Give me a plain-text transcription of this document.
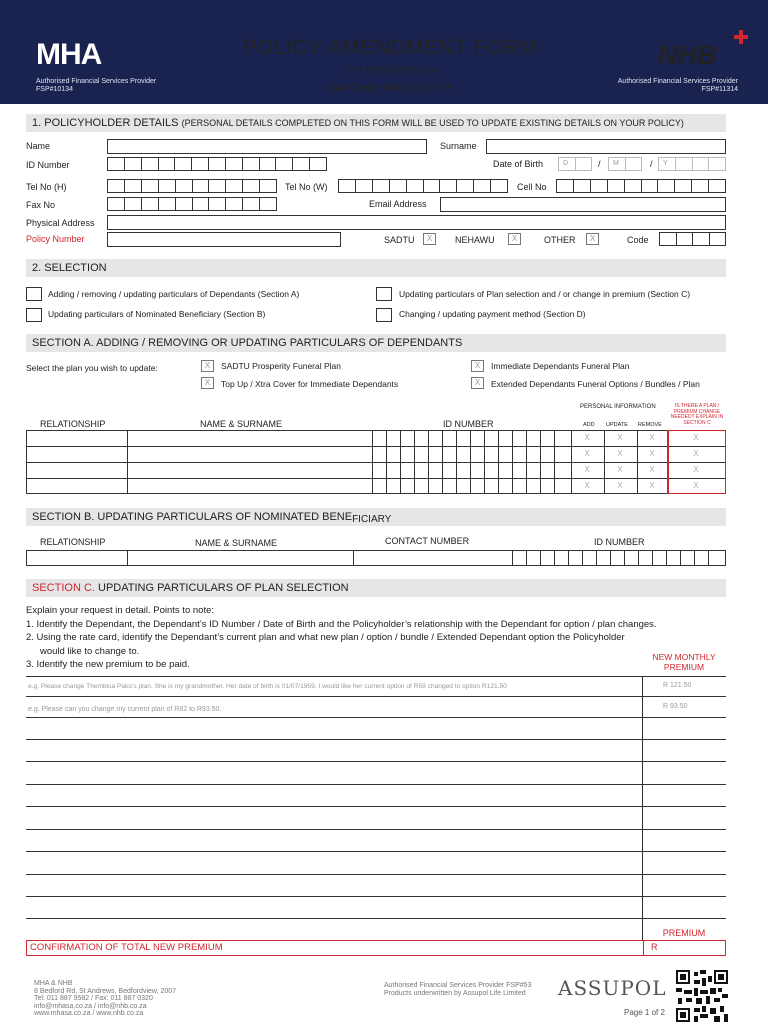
MHA
Authorised Financial Services Provider
FSP#10134
POLICY AMENDMENT FORM
One form per policy
Call Centre 0861 001 788
NHB
Authorised Financial Services Provider
FSP#11314
1. POLICYHOLDER DETAILS (PERSONAL DETAILS COMPLETED ON THIS FORM WILL BE USED TO UPDATE EXISTING DETAILS ON YOUR POLICY)
Name	Surname
ID Number	Date of Birth	D	/ M	/ Y
Tel No (H)	Tel No (W)	Cell No
Fax No	Email Address
Physical Address
Policy Number	SADTU	X	NEHAWU	X	OTHER	X	Code
2. SELECTION
Adding / removing / updating particulars of Dependants (Section A)
Updating particulars of Nominated Beneficiary (Section B)
Updating particulars of Plan selection and / or change in premium (Section C)
Changing / updating payment method (Section D)
SECTION A. ADDING / REMOVING OR UPDATING PARTICULARS OF DEPENDANTS
Select the plan you wish to update:	X	SADTU Prosperity Funeral Plan
X	Top Up / Xtra Cover for Immediate Dependants
X	Immediate Dependants Funeral Plan
X	Extended Dependants Funeral Options / Bundles / Plan
RELATIONSHIP	NAME & SURNAME	ID NUMBER
PERSONAL INFORMATION
ADD UPDATE REMOVE
IS THERE A PLAN / PREMIUM CHANGE NEEDED? EXPLAIN IN SECTION C
X	X	X	X
X	X	X	X
X	X	X	X
X	X	X	X
SECTION B. UPDATING PARTICULARS OF NOMINATED BENEFICIARY
RELATIONSHIP	NAME & SURNAME	CONTACT NUMBER	ID NUMBER
SECTION C. UPDATING PARTICULARS OF PLAN SELECTION
Explain your request in detail. Points to note:
1. Identify the Dependant, the Dependant’s ID Number / Date of Birth and the Policyholder’s relationship with the Dependant for option / plan changes.
2. Using the rate card, identify the Dependant’s current plan and what new plan / option / bundle / Extended Dependant option the Policyholder
would like to change to.
3. Identify the new premium to be paid.
NEW MONTHLY
PREMIUM
e.g. Please change Thembisa Pako’s plan. She is my grandmother. Her date of birth is 01/07/1959. I would like her current option of R59 changed to option R121.50	R 121.50
e.g. Please can you change my current plan of R82 to R93.50.	R 93.50
PREMIUM
CONFIRMATION OF TOTAL NEW PREMIUM	R
MHA & NHB
8 Bedford Rd, St Andrews, Bedfordview, 2007
Tel: 011 887 9582 / Fax: 011 887 0320
info@mhasa.co.za / info@nhb.co.za
www.mhasa.co.za / www.nhb.co.za
Authorised Financial Services Provider FSP#53
Products underwritten by Assupol Life Limited ASSUPOL
Page 1 of 2
